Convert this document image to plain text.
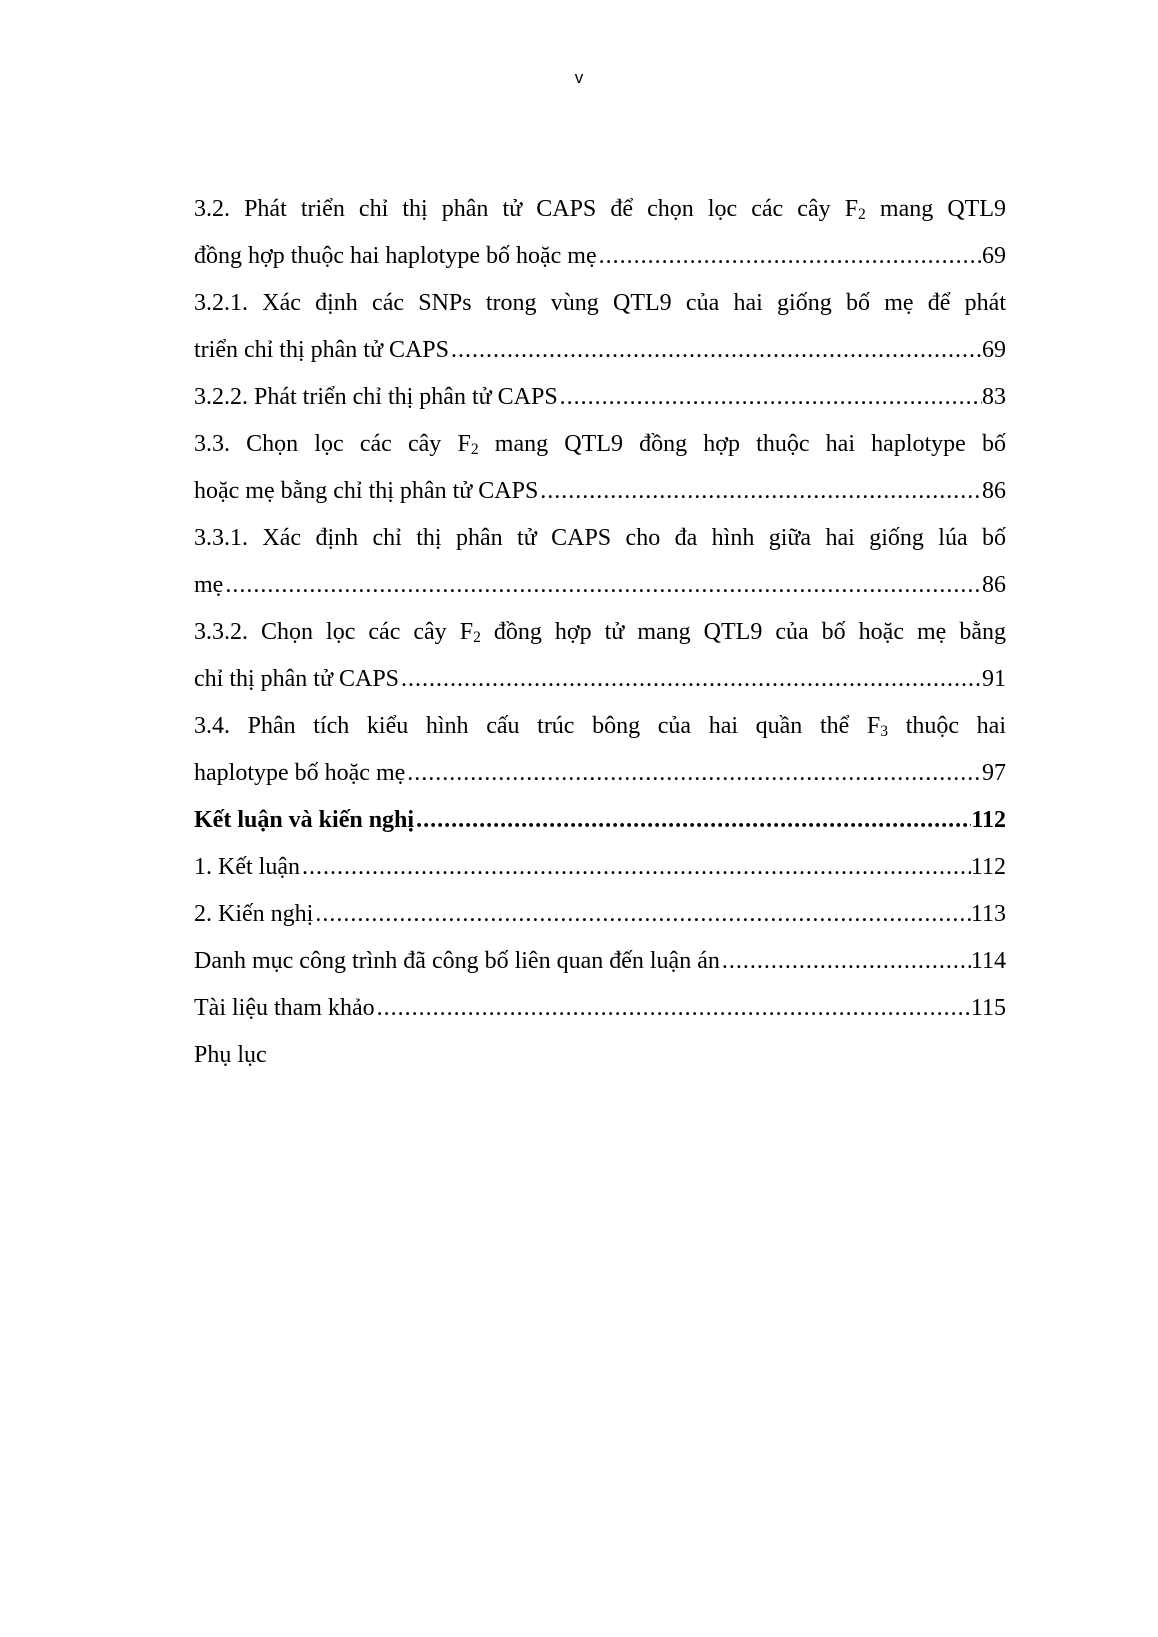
v
3.2. Phát triển chỉ thị phân tử CAPS để chọn lọc các cây $F_2$ mang QTL9
đồng hợp thuộc hai haplotype bố hoặc mẹ .....	69
3.2.1. Xác định các SNPs trong vùng QTL9 của hai giống bố mẹ để phát
triển chỉ thị phân tử CAPS .....	69
3.2.2. Phát triển chỉ thị phân tử CAPS .....	83
3.3. Chọn lọc các cây $F_2$ mang QTL9 đồng hợp thuộc hai haplotype bố
hoặc mẹ bằng chỉ thị phân tử CAPS .....	86
3.3.1. Xác định chỉ thị phân tử CAPS cho đa hình giữa hai giống lúa bố
mẹ .....	86
3.3.2. Chọn lọc các cây $F_2$ đồng hợp tử mang QTL9 của bố hoặc mẹ bằng
chỉ thị phân tử CAPS .....	91
3.4. Phân tích kiểu hình cấu trúc bông của hai quần thể $F_3$ thuộc hai
haplotype bố hoặc mẹ .....	97
Kết luận và kiến nghị .....	112
1. Kết luận .....	112
2. Kiến nghị .....	113
Danh mục công trình đã công bố liên quan đến luận án .....	114
Tài liệu tham khảo .....	115
Phụ lục
